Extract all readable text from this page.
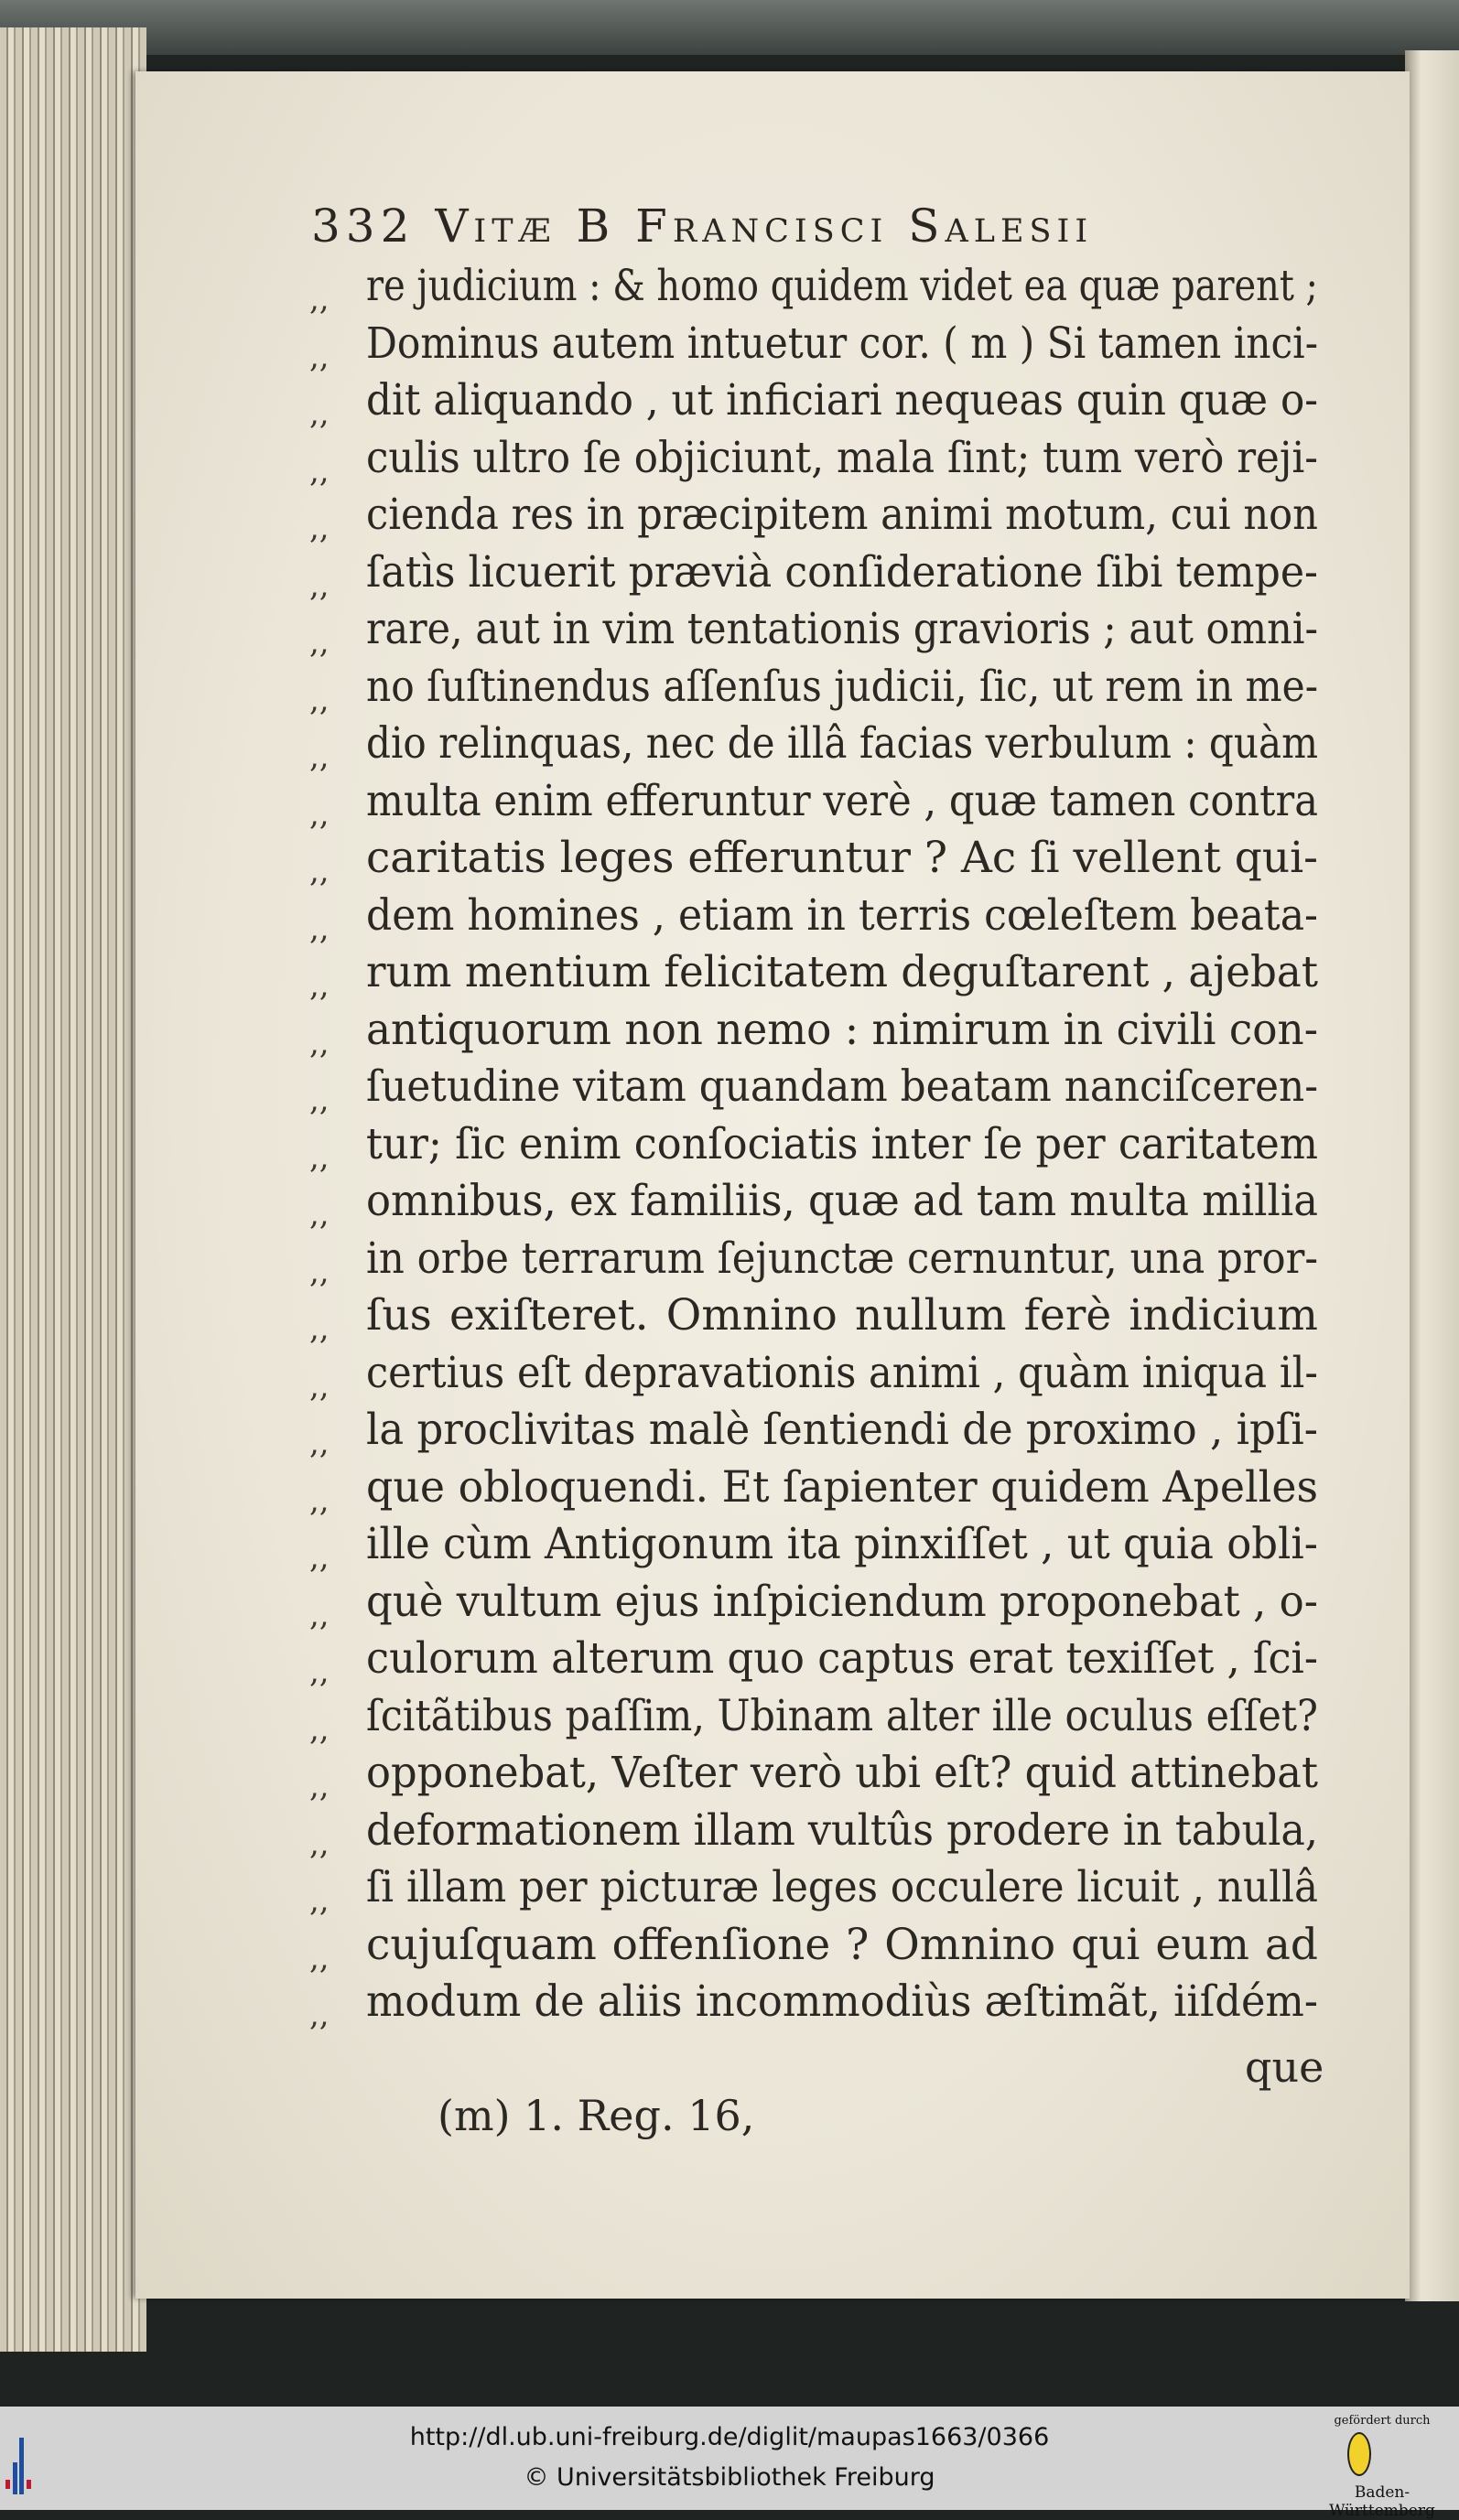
332 Vitæ B Francisci Salesii
,, re judicium : & homo quidem videt ea quæ parent ;
,, Dominus autem intuetur cor. ( m ) Si tamen inci-
,, dit aliquando , ut inficiari nequeas quin quæ o-
,, culis ultro ſe objiciunt, mala ſint; tum verò reji-
,, cienda res in præcipitem animi motum, cui non
,, ſatìs licuerit prævià conſideratione ſibi tempe-
,, rare, aut in vim tentationis gravioris ; aut omni-
,, no ſuſtinendus aſſenſus judicii, ſic, ut rem in me-
,, dio relinquas, nec de illâ facias verbulum : quàm
,, multa enim efferuntur verè , quæ tamen contra
,, caritatis leges efferuntur ? Ac ſi vellent qui-
,, dem homines , etiam in terris cœleſtem beata-
,, rum mentium felicitatem deguſtarent , ajebat
,, antiquorum non nemo : nimirum in civili con-
,, ſuetudine vitam quandam beatam nanciſceren-
,, tur; ſic enim conſociatis inter ſe per caritatem
,, omnibus, ex familiis, quæ ad tam multa millia
,, in orbe terrarum ſejunctæ cernuntur, una pror-
,, ſus exiſteret. Omnino nullum ferè indicium
,, certius eſt depravationis animi , quàm iniqua il-
,, la proclivitas malè ſentiendi de proximo , ipſi-
,, que obloquendi. Et ſapienter quidem Apelles
,, ille cùm Antigonum ita pinxiſſet , ut quia obli-
,, què vultum ejus inſpiciendum proponebat , o-
,, culorum alterum quo captus erat texiſſet , ſci-
,, ſcitãtibus paſſim, Ubinam alter ille oculus eſſet?
,, opponebat, Veſter verò ubi eſt? quid attinebat
,, deformationem illam vultûs prodere in tabula,
,, ſi illam per picturæ leges occulere licuit , nullâ
,, cujuſquam offenſione ? Omnino qui eum ad
,, modum de aliis incommodiùs æſtimãt, iiſdém-
que
(m) 1. Reg. 16,
http://dl.ub.uni-freiburg.de/diglit/maupas1663/0366
© Universitätsbibliothek Freiburg
gefördert durch
Baden-Württemberg
